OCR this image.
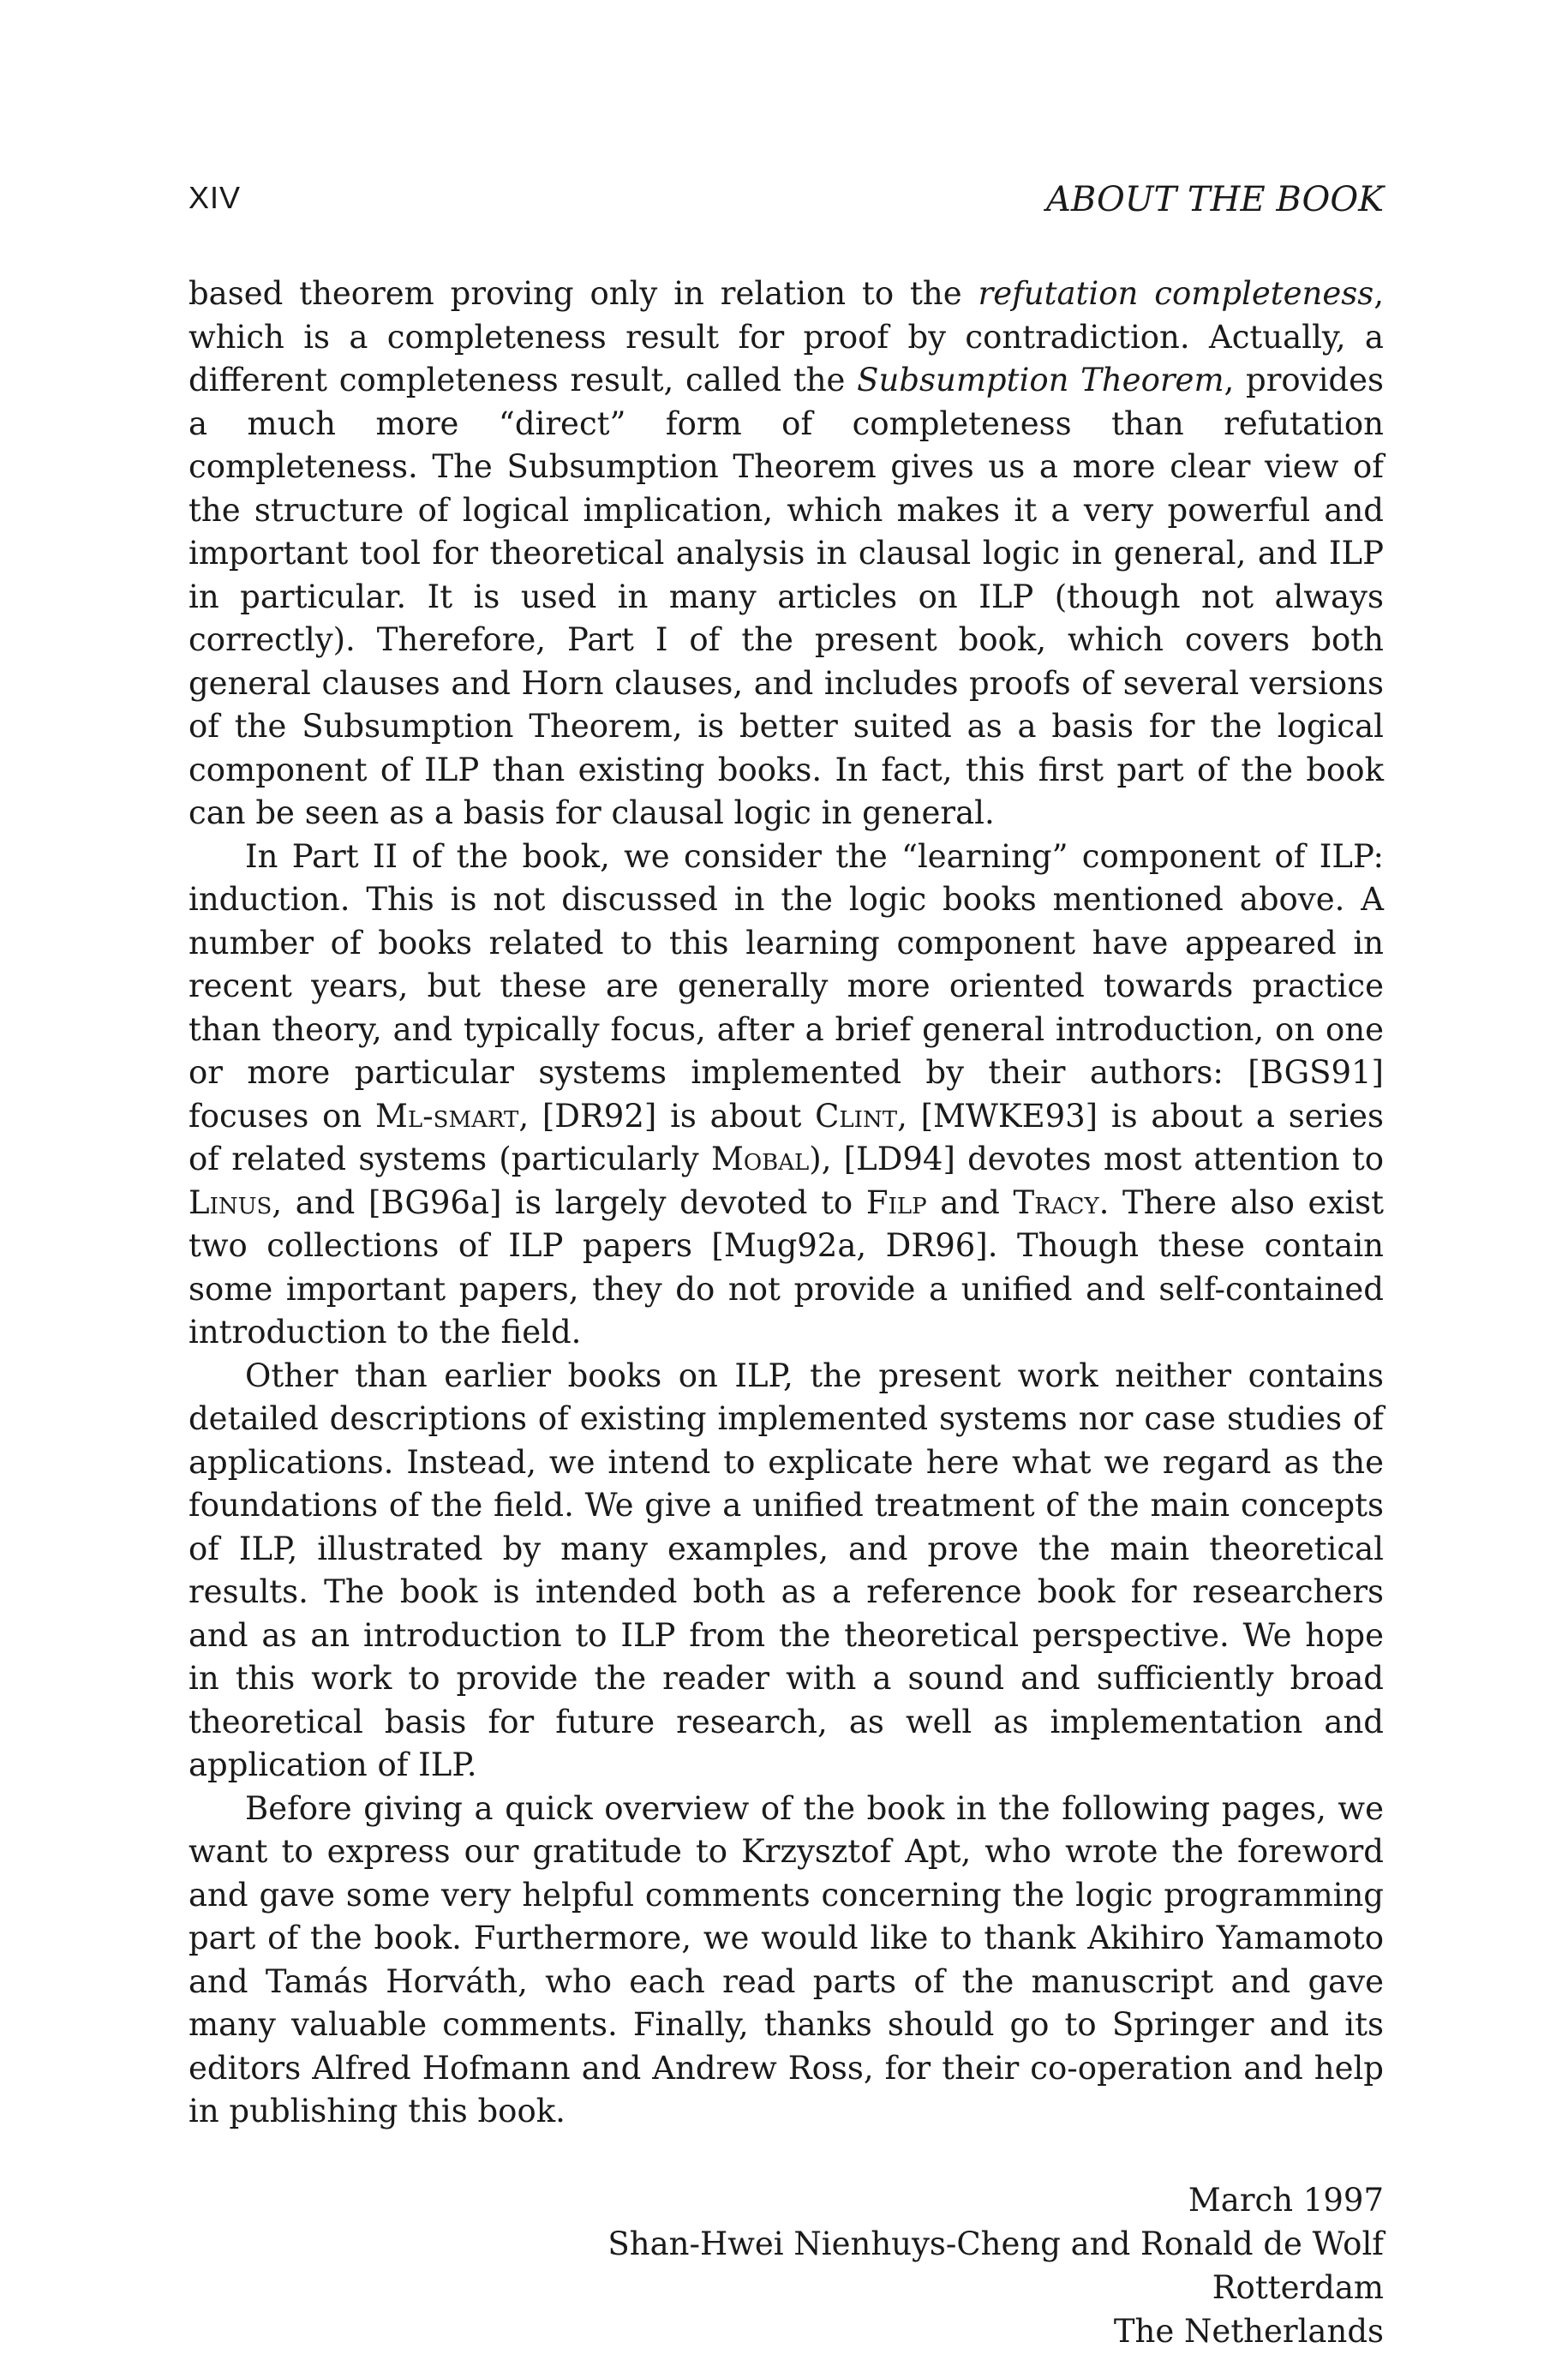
XIV	ABOUT THE BOOK

based theorem proving only in relation to the refutation completeness, which is a completeness result for proof by contradiction. Actually, a different completeness result, called the Subsumption Theorem, provides a much more “direct” form of completeness than refutation completeness. The Subsumption Theorem gives us a more clear view of the structure of logical implication, which makes it a very powerful and important tool for theoretical analysis in clausal logic in general, and ILP in particular. It is used in many articles on ILP (though not always correctly). Therefore, Part I of the present book, which covers both general clauses and Horn clauses, and includes proofs of several versions of the Subsumption Theorem, is better suited as a basis for the logical component of ILP than existing books. In fact, this first part of the book can be seen as a basis for clausal logic in general.

In Part II of the book, we consider the “learning” component of ILP: induction. This is not discussed in the logic books mentioned above. A number of books related to this learning component have appeared in recent years, but these are generally more oriented towards practice than theory, and typically focus, after a brief general introduction, on one or more particular systems implemented by their authors: [BGS91] focuses on Ml-smart, [DR92] is about Clint, [MWKE93] is about a series of related systems (particularly Mobal), [LD94] devotes most attention to Linus, and [BG96a] is largely devoted to Filp and Tracy. There also exist two collections of ILP papers [Mug92a, DR96]. Though these contain some important papers, they do not provide a unified and self-contained introduction to the field.

Other than earlier books on ILP, the present work neither contains detailed descriptions of existing implemented systems nor case studies of applications. Instead, we intend to explicate here what we regard as the foundations of the field. We give a unified treatment of the main concepts of ILP, illustrated by many examples, and prove the main theoretical results. The book is intended both as a reference book for researchers and as an introduction to ILP from the theoretical perspective. We hope in this work to provide the reader with a sound and sufficiently broad theoretical basis for future research, as well as implementation and application of ILP.

Before giving a quick overview of the book in the following pages, we want to express our gratitude to Krzysztof Apt, who wrote the foreword and gave some very helpful comments concerning the logic programming part of the book. Furthermore, we would like to thank Akihiro Yamamoto and Tamás Horváth, who each read parts of the manuscript and gave many valuable comments. Finally, thanks should go to Springer and its editors Alfred Hofmann and Andrew Ross, for their co-operation and help in publishing this book.

March 1997
Shan-Hwei Nienhuys-Cheng and Ronald de Wolf
Rotterdam
The Netherlands
